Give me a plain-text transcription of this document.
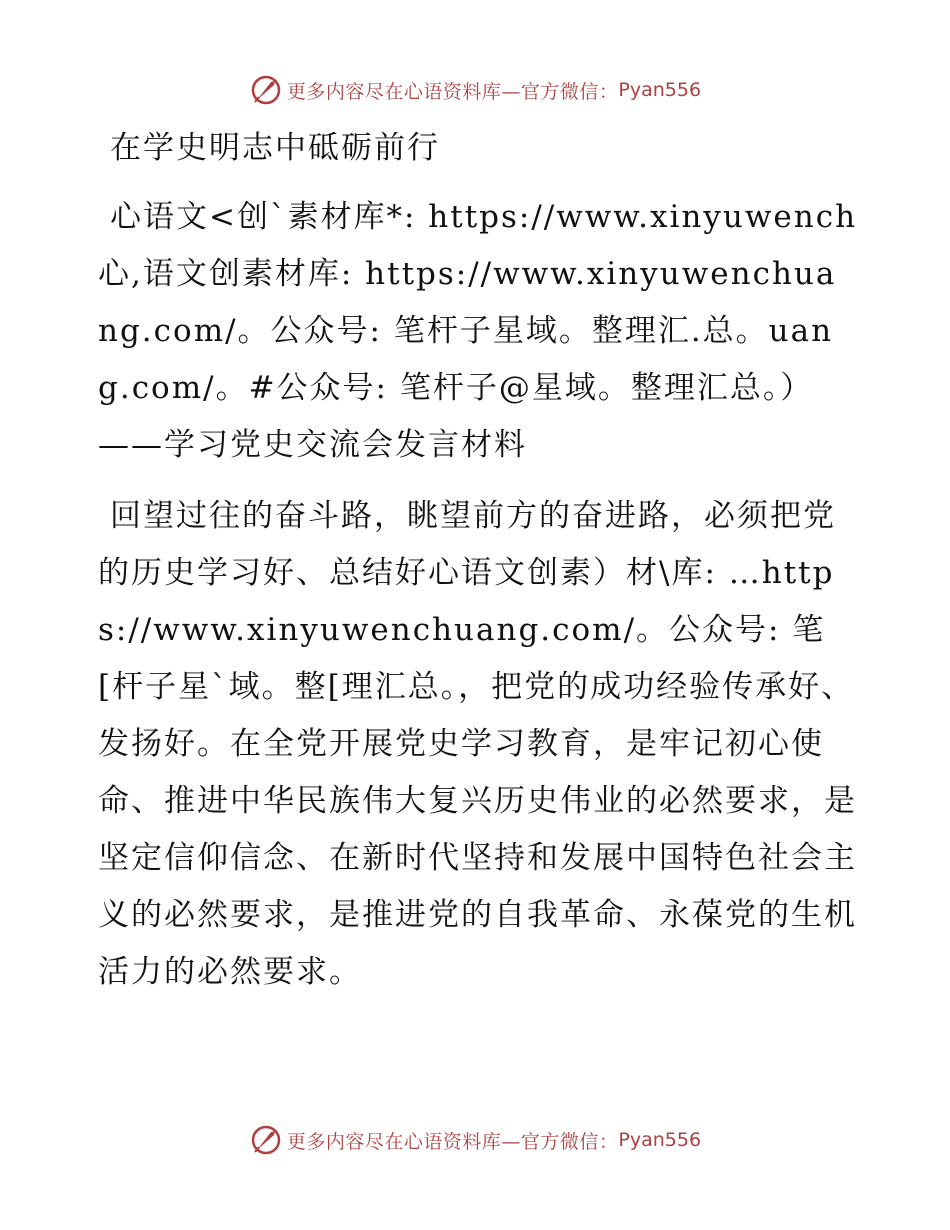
更多内容尽在心语资料库—官方微信： Pyan556
在学史明志中砥砺前行

心语文<创`素材库*: https://www.xinyuwench心,语文创素材库: https://www.xinyuwenchuang.com/。公众号: 笔杆子星域。整理汇.总。uang.com/。#公众号: 笔杆子@星域。整理汇总。）——学习党史交流会发言材料

回望过往的奋斗路，眺望前方的奋进路，必须把党的历史学习好、总结好心语文创素）材\库: …https://www.xinyuwenchuang.com/。公众号: 笔[杆子星`域。整[理汇总。，把党的成功经验传承好、发扬好。在全党开展党史学习教育，是牢记初心使命、推进中华民族伟大复兴历史伟业的必然要求，是坚定信仰信念、在新时代坚持和发展中国特色社会主义的必然要求，是推进党的自我革命、永葆党的生机活力的必然要求。

更多内容尽在心语资料库—官方微信： Pyan556
